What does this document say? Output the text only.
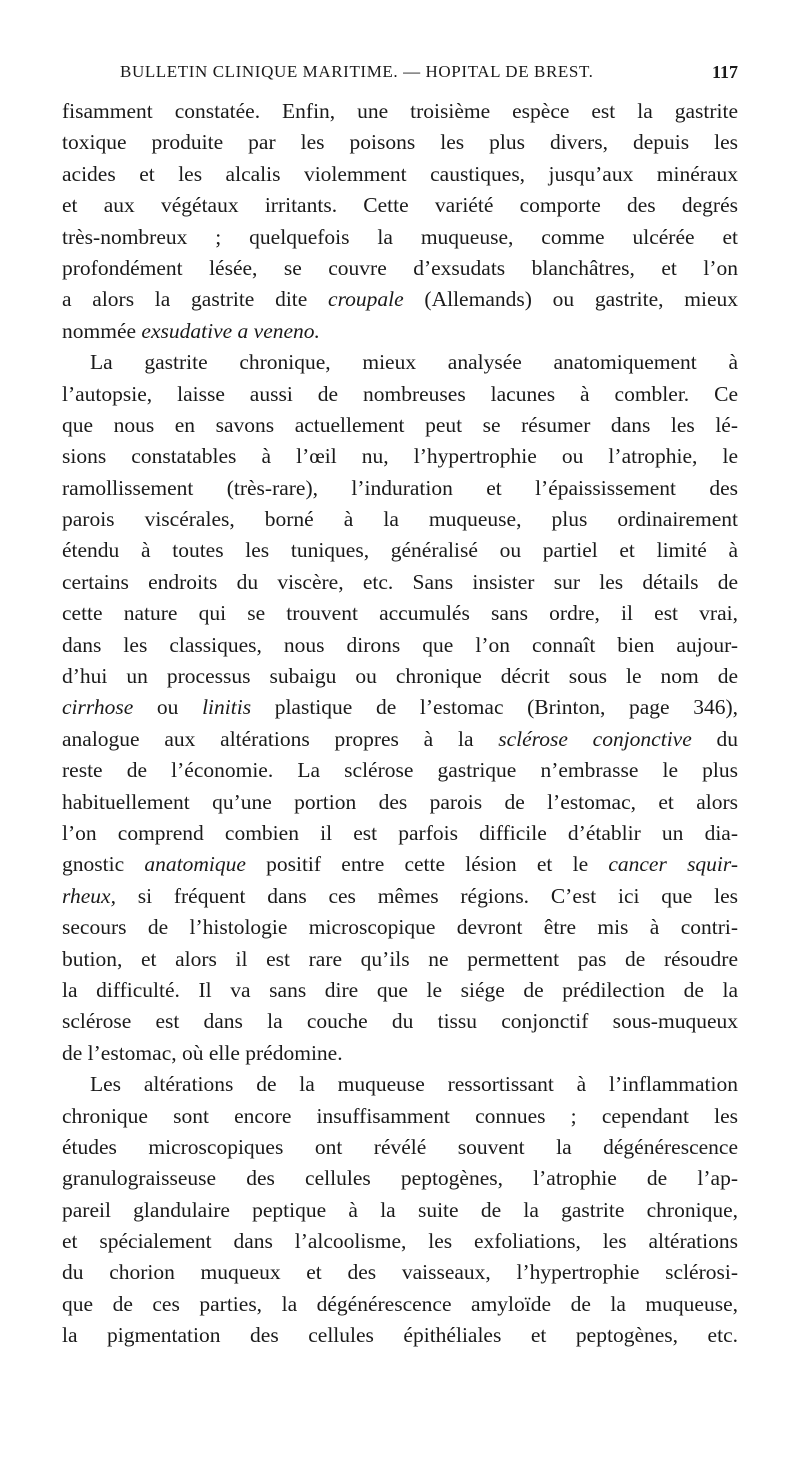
BULLETIN CLINIQUE MARITIME. — HOPITAL DE BREST.	117
fisamment constatée. Enfin, une troisième espèce est la gastrite
toxique produite par les poisons les plus divers, depuis les
acides et les alcalis violemment caustiques, jusqu’aux minéraux
et aux végétaux irritants. Cette variété comporte des degrés
très-nombreux ; quelquefois la muqueuse, comme ulcérée et
profondément lésée, se couvre d’exsudats blanchâtres, et l’on
a alors la gastrite dite croupale (Allemands) ou gastrite, mieux
nommée exsudative a veneno.
La gastrite chronique, mieux analysée anatomiquement à
l’autopsie, laisse aussi de nombreuses lacunes à combler. Ce
que nous en savons actuellement peut se résumer dans les lé-
sions constatables à l’œil nu, l’hypertrophie ou l’atrophie, le
ramollissement (très-rare), l’induration et l’épaississement des
parois viscérales, borné à la muqueuse, plus ordinairement
étendu à toutes les tuniques, généralisé ou partiel et limité à
certains endroits du viscère, etc. Sans insister sur les détails de
cette nature qui se trouvent accumulés sans ordre, il est vrai,
dans les classiques, nous dirons que l’on connaît bien aujour-
d’hui un processus subaigu ou chronique décrit sous le nom de
cirrhose ou linitis plastique de l’estomac (Brinton, page 346),
analogue aux altérations propres à la sclérose conjonctive du
reste de l’économie. La sclérose gastrique n’embrasse le plus
habituellement qu’une portion des parois de l’estomac, et alors
l’on comprend combien il est parfois difficile d’établir un dia-
gnostic anatomique positif entre cette lésion et le cancer squir-
rheux, si fréquent dans ces mêmes régions. C’est ici que les
secours de l’histologie microscopique devront être mis à contri-
bution, et alors il est rare qu’ils ne permettent pas de résoudre
la difficulté. Il va sans dire que le siége de prédilection de la
sclérose est dans la couche du tissu conjonctif sous-muqueux
de l’estomac, où elle prédomine.
Les altérations de la muqueuse ressortissant à l’inflammation
chronique sont encore insuffisamment connues ; cependant les
études microscopiques ont révélé souvent la dégénérescence
granulograisseuse des cellules peptogènes, l’atrophie de l’ap-
pareil glandulaire peptique à la suite de la gastrite chronique,
et spécialement dans l’alcoolisme, les exfoliations, les altérations
du chorion muqueux et des vaisseaux, l’hypertrophie sclérosi-
que de ces parties, la dégénérescence amyloïde de la muqueuse,
la pigmentation des cellules épithéliales et peptogènes, etc.
